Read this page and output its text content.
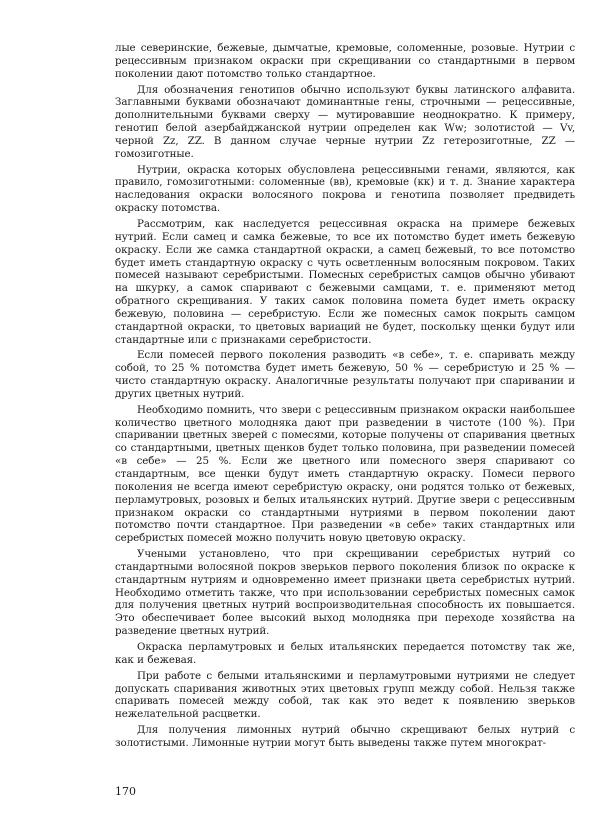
лые северинские, бежевые, дымчатые, кремовые, соломенные, розовые. Нутрии с рецессивным признаком окраски при скрещивании со стандартными в первом поколении дают потомство только стандартное.

Для обозначения генотипов обычно используют буквы латинского алфавита. Заглавными буквами обозначают доминантные гены, строчными — рецессивные, дополнительными буквами сверху — мутировавшие неоднократно. К примеру, генотип белой азербайджанской нутрии определен как Ww; золотистой — Vv, черной Zz, ZZ. В данном случае черные нутрии Zz гетерозиготные, ZZ — гомозиготные.

Нутрии, окраска которых обусловлена рецессивными генами, являются, как правило, гомозиготными: соломенные (вв), кремовые (кк) и т. д. Знание характера наследования окраски волосяного покрова и генотипа позволяет предвидеть окраску потомства.

Рассмотрим, как наследуется рецессивная окраска на примере бежевых нутрий. Если самец и самка бежевые, то все их потомство будет иметь бежевую окраску. Если же самка стандартной окраски, а самец бежевый, то все потомство будет иметь стандартную окраску с чуть осветленным волосяным покровом. Таких помесей называют серебристыми. Помесных серебристых самцов обычно убивают на шкурку, а самок спаривают с бежевыми самцами, т. е. применяют метод обратного скрещивания. У таких самок половина помета будет иметь окраску бежевую, половина — серебристую. Если же помесных самок покрыть самцом стандартной окраски, то цветовых вариаций не будет, поскольку щенки будут или стандартные или с признаками серебристости.

Если помесей первого поколения разводить «в себе», т. е. спаривать между собой, то 25 % потомства будет иметь бежевую, 50 % — серебристую и 25 % — чисто стандартную окраску. Аналогичные результаты получают при спаривании и других цветных нутрий.

Необходимо помнить, что звери с рецессивным признаком окраски наибольшее количество цветного молодняка дают при разведении в чистоте (100 %). При спаривании цветных зверей с помесями, которые получены от спаривания цветных со стандартными, цветных щенков будет только половина, при разведении помесей «в себе» — 25 %. Если же цветного или помесного зверя спаривают со стандартным, все щенки будут иметь стандартную окраску. Помеси первого поколения не всегда имеют серебристую окраску, они родятся только от бежевых, перламутровых, розовых и белых итальянских нутрий. Другие звери с рецессивным признаком окраски со стандартными нутриями в первом поколении дают потомство почти стандартное. При разведении «в себе» таких стандартных или серебристых помесей можно получить новую цветовую окраску.

Учеными установлено, что при скрещивании серебристых нутрий со стандартными волосяной покров зверьков первого поколения близок по окраске к стандартным нутриям и одновременно имеет признаки цвета серебристых нутрий. Необходимо отметить также, что при использовании серебристых помесных самок для получения цветных нутрий воспроизводительная способность их повышается. Это обеспечивает более высокий выход молодняка при переходе хозяйства на разведение цветных нутрий.

Окраска перламутровых и белых итальянских передается потомству так же, как и бежевая.

При работе с белыми итальянскими и перламутровыми нутриями не следует допускать спаривания животных этих цветовых групп между собой. Нельзя также спаривать помесей между собой, так как это ведет к появлению зверьков нежелательной расцветки.

Для получения лимонных нутрий обычно скрещивают белых нутрий с золотистыми. Лимонные нутрии могут быть выведены также путем многократ-

170
